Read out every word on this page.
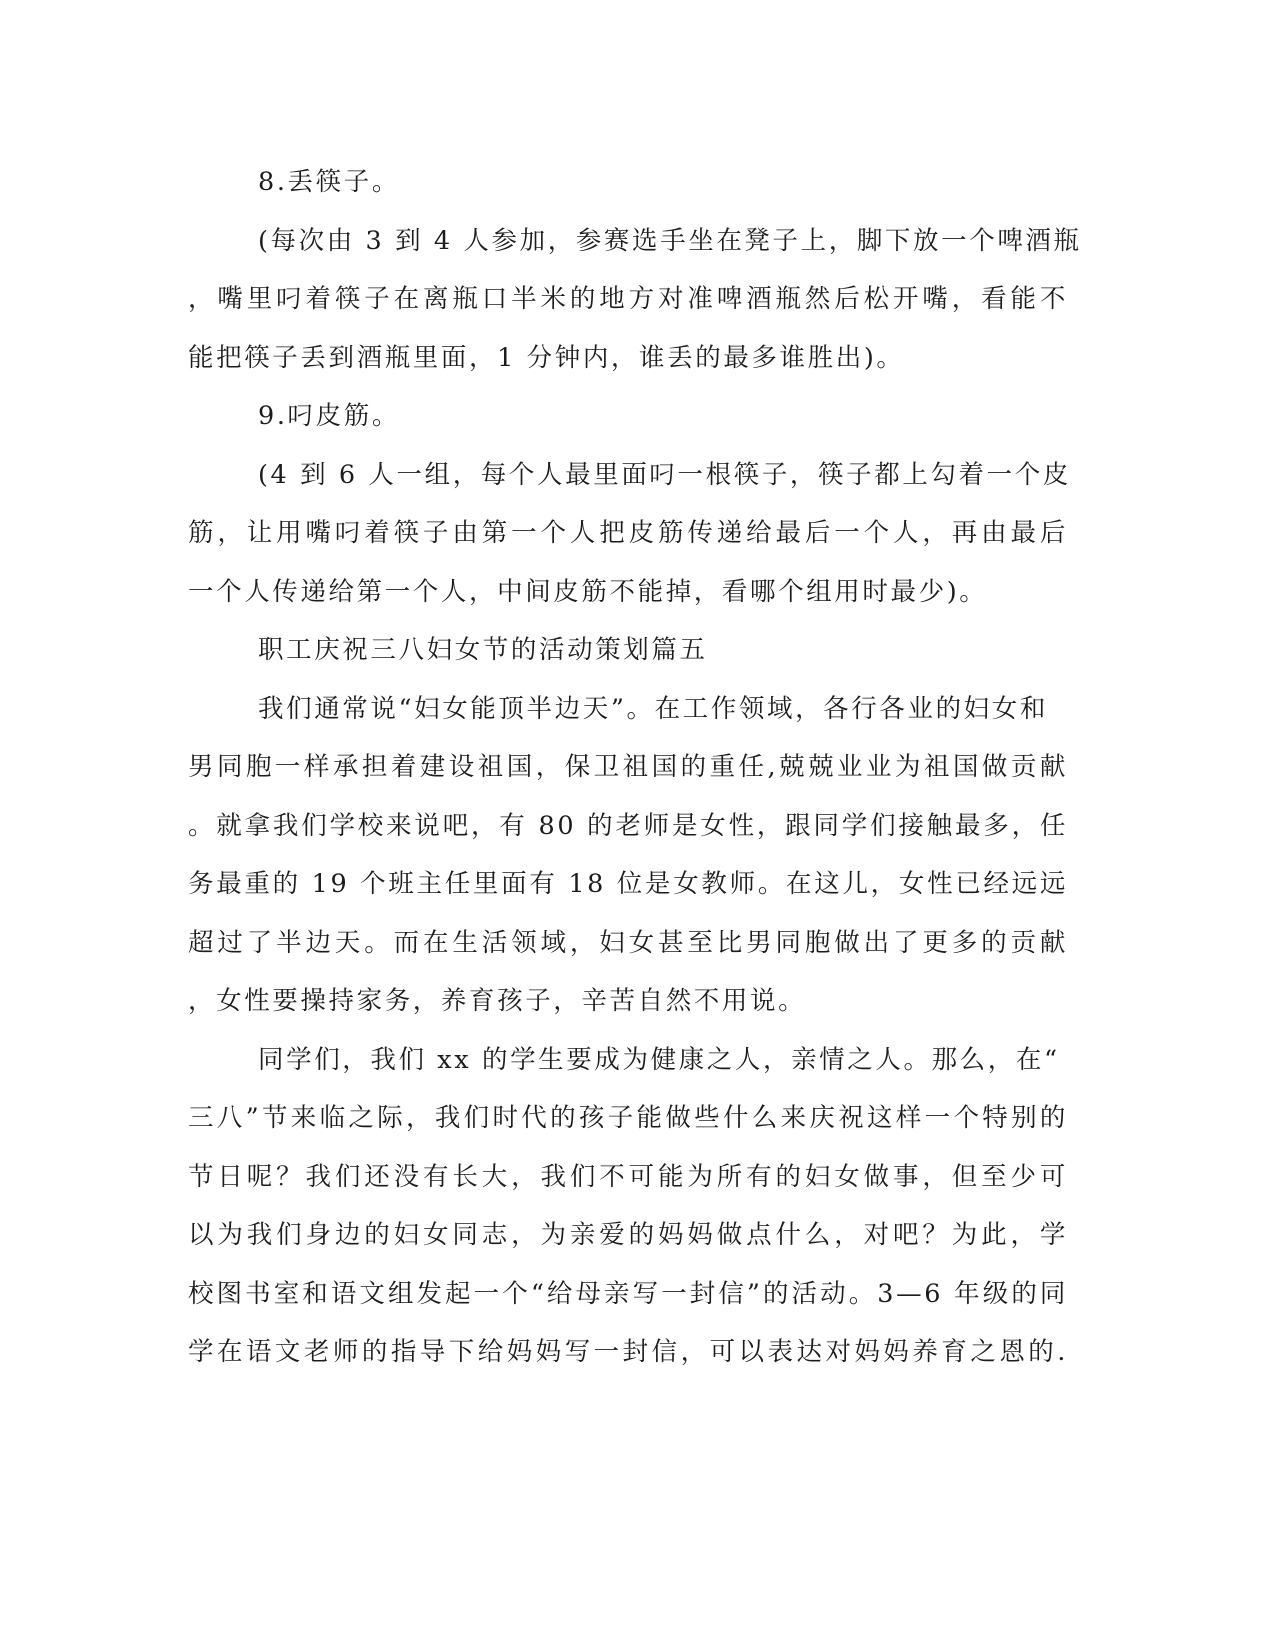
8.丢筷子。
(每次由 3 到 4 人参加，参赛选手坐在凳子上，脚下放一个啤酒瓶
，嘴里叼着筷子在离瓶口半米的地方对准啤酒瓶然后松开嘴，看能不
能把筷子丢到酒瓶里面，1 分钟内，谁丢的最多谁胜出)。
9.叼皮筋。
(4 到 6 人一组，每个人最里面叼一根筷子，筷子都上勾着一个皮
筋，让用嘴叼着筷子由第一个人把皮筋传递给最后一个人，再由最后
一个人传递给第一个人，中间皮筋不能掉，看哪个组用时最少)。
职工庆祝三八妇女节的活动策划篇五
我们通常说“妇女能顶半边天”。在工作领域，各行各业的妇女和
男同胞一样承担着建设祖国，保卫祖国的重任,兢兢业业为祖国做贡献
。就拿我们学校来说吧，有 80 的老师是女性，跟同学们接触最多，任
务最重的 19 个班主任里面有 18 位是女教师。在这儿，女性已经远远
超过了半边天。而在生活领域，妇女甚至比男同胞做出了更多的贡献
，女性要操持家务，养育孩子，辛苦自然不用说。
同学们，我们 xx 的学生要成为健康之人，亲情之人。那么，在“
三八”节来临之际，我们时代的孩子能做些什么来庆祝这样一个特别的
节日呢？我们还没有长大，我们不可能为所有的妇女做事，但至少可
以为我们身边的妇女同志，为亲爱的妈妈做点什么，对吧？为此，学
校图书室和语文组发起一个“给母亲写一封信”的活动。3—6 年级的同
学在语文老师的指导下给妈妈写一封信，可以表达对妈妈养育之恩的.
